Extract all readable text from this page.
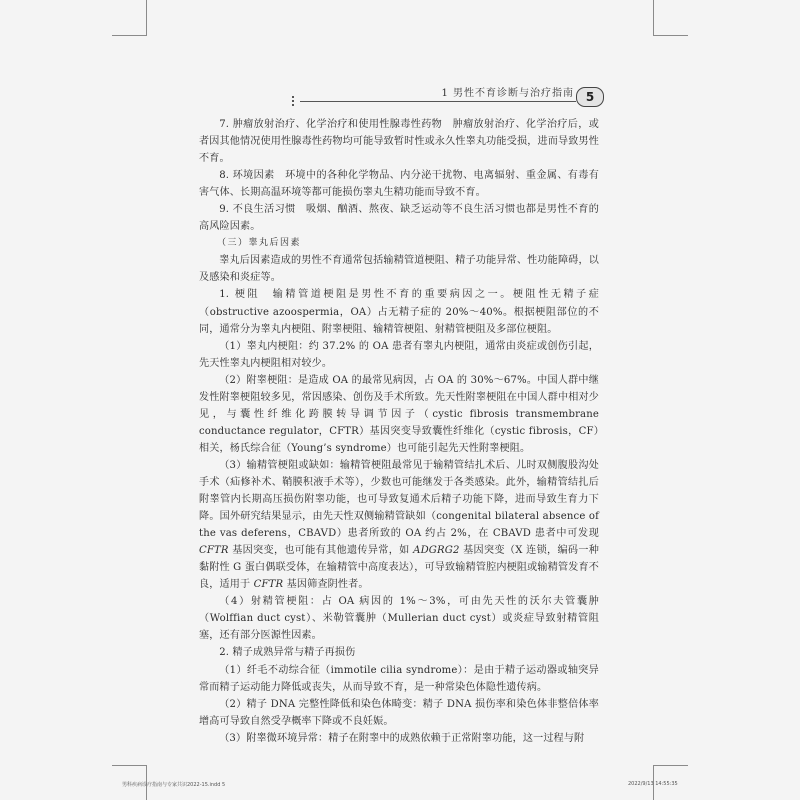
1 男性不育诊断与治疗指南 5

7. 肿瘤放射治疗、化学治疗和使用性腺毒性药物　肿瘤放射治疗、化学治疗后，或者因其他情况使用性腺毒性药物均可能导致暂时性或永久性睾丸功能受损，进而导致男性不育。

8. 环境因素　环境中的各种化学物品、内分泌干扰物、电离辐射、重金属、有毒有害气体、长期高温环境等都可能损伤睾丸生精功能而导致不育。

9. 不良生活习惯　吸烟、酗酒、熬夜、缺乏运动等不良生活习惯也都是男性不育的高风险因素。

（三）睾丸后因素

睾丸后因素造成的男性不育通常包括输精管道梗阻、精子功能异常、性功能障碍，以及感染和炎症等。

1. 梗阻　输精管道梗阻是男性不育的重要病因之一。梗阻性无精子症（obstructive azoospermia，OA）占无精子症的 20%～40%。根据梗阻部位的不同，通常分为睾丸内梗阻、附睾梗阻、输精管梗阻、射精管梗阻及多部位梗阻。

（1）睾丸内梗阻：约 37.2% 的 OA 患者有睾丸内梗阻，通常由炎症或创伤引起，先天性睾丸内梗阻相对较少。

（2）附睾梗阻：是造成 OA 的最常见病因，占 OA 的 30%～67%。中国人群中继发性附睾梗阻较多见，常因感染、创伤及手术所致。先天性附睾梗阻在中国人群中相对少见，与囊性纤维化跨膜转导调节因子（cystic fibrosis transmembrane conductance regulator，CFTR）基因突变导致囊性纤维化（cystic fibrosis，CF）相关，杨氏综合征（Young’s syndrome）也可能引起先天性附睾梗阻。

（3）输精管梗阻或缺如：输精管梗阻最常见于输精管结扎术后、儿时双侧腹股沟处手术（疝修补术、鞘膜积液手术等），少数也可能继发于各类感染。此外，输精管结扎后附睾管内长期高压损伤附睾功能，也可导致复通术后精子功能下降，进而导致生育力下降。国外研究结果显示，由先天性双侧输精管缺如（congenital bilateral absence of the vas deferens，CBAVD）患者所致的 OA 约占 2%，在 CBAVD 患者中可发现 CFTR 基因突变，也可能有其他遗传异常，如 ADGRG2 基因突变（X 连锁，编码一种黏附性 G 蛋白偶联受体，在输精管中高度表达），可导致输精管腔内梗阻或输精管发育不良，适用于 CFTR 基因筛查阴性者。

（4）射精管梗阻：占 OA 病因的 1%～3%，可由先天性的沃尔夫管囊肿（Wolffian duct cyst）、米勒管囊肿（Mullerian duct cyst）或炎症导致射精管阻塞，还有部分医源性因素。

2. 精子成熟异常与精子再损伤

（1）纤毛不动综合征（immotile cilia syndrome）：是由于精子运动器或轴突异常而精子运动能力降低或丧失，从而导致不育，是一种常染色体隐性遗传病。

（2）精子 DNA 完整性降低和染色体畸变：精子 DNA 损伤率和染色体非整倍体率增高可导致自然受孕概率下降或不良妊娠。

（3）附睾微环境异常：精子在附睾中的成熟依赖于正常附睾功能，这一过程与附

男科疾病诊疗指南与专家共识2022-15.indd 5	2022/9/13 14:55:35
